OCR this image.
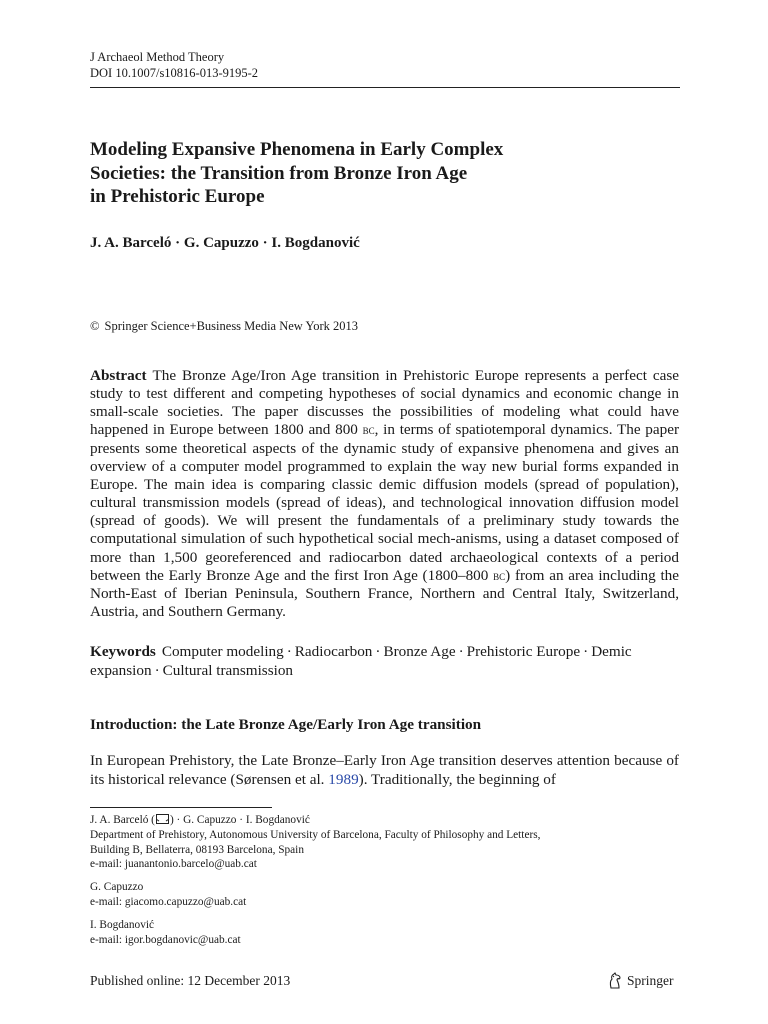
J Archaeol Method Theory
DOI 10.1007/s10816-013-9195-2
Modeling Expansive Phenomena in Early Complex
Societies: the Transition from Bronze Iron Age
in Prehistoric Europe
J. A. Barceló · G. Capuzzo · I. Bogdanović
© Springer Science+Business Media New York 2013
Abstract The Bronze Age/Iron Age transition in Prehistoric Europe represents a perfect case study to test different and competing hypotheses of social dynamics and economic change in small-scale societies. The paper discusses the possibilities of modeling what could have happened in Europe between 1800 and 800 bc, in terms of spatiotemporal dynamics. The paper presents some theoretical aspects of the dynamic study of expansive phenomena and gives an overview of a computer model programmed to explain the way new burial forms expanded in Europe. The main idea is comparing classic demic diffusion models (spread of population), cultural transmission models (spread of ideas), and technological innovation diffusion model (spread of goods). We will present the fundamentals of a preliminary study towards the computational simulation of such hypothetical social mech-anisms, using a dataset composed of more than 1,500 georeferenced and radiocarbon dated archaeological contexts of a period between the Early Bronze Age and the first Iron Age (1800–800 bc) from an area including the North-East of Iberian Peninsula, Southern France, Northern and Central Italy, Switzerland, Austria, and Southern Germany.
Keywords Computer modeling · Radiocarbon · Bronze Age · Prehistoric Europe · Demic expansion · Cultural transmission
Introduction: the Late Bronze Age/Early Iron Age transition
In European Prehistory, the Late Bronze–Early Iron Age transition deserves attention because of its historical relevance (Sørensen et al. 1989). Traditionally, the beginning of
J. A. Barceló ( ) · G. Capuzzo · I. Bogdanović
Department of Prehistory, Autonomous University of Barcelona, Faculty of Philosophy and Letters,
Building B, Bellaterra, 08193 Barcelona, Spain
e-mail: juanantonio.barcelo@uab.cat
G. Capuzzo
e-mail: giacomo.capuzzo@uab.cat
I. Bogdanović
e-mail: igor.bogdanovic@uab.cat
Published online: 12 December 2013	Springer
